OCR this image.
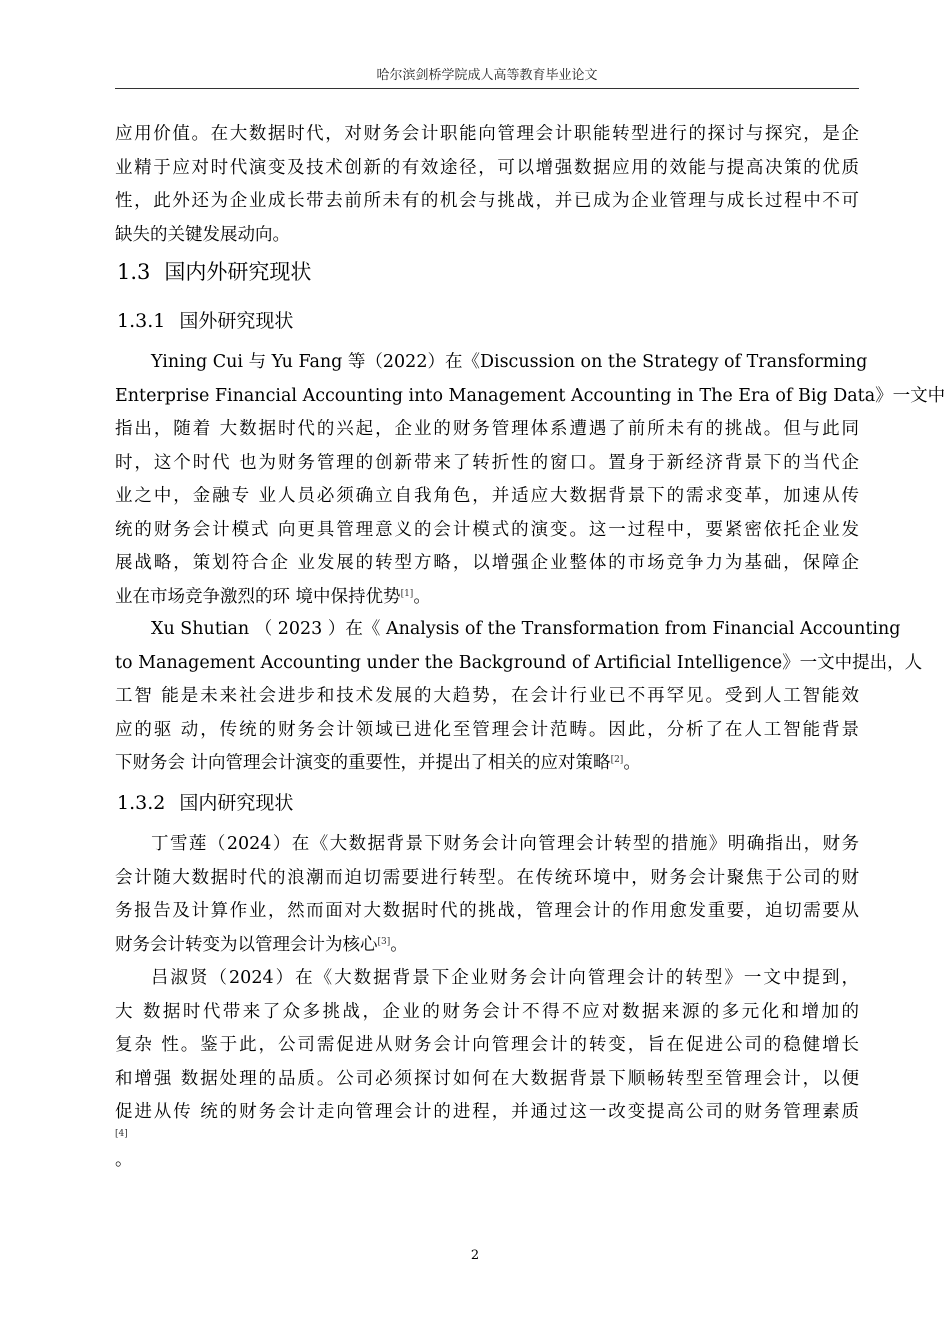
哈尔滨剑桥学院成人高等教育毕业论文
应用价值。在大数据时代，对财务会计职能向管理会计职能转型进行的探讨与探究，是企
业精于应对时代演变及技术创新的有效途径，可以增强数据应用的效能与提高决策的优质
性，此外还为企业成长带去前所未有的机会与挑战，并已成为企业管理与成长过程中不可
缺失的关键发展动向。
1.3 国内外研究现状
1.3.1 国外研究现状
Yining Cui 与 Yu Fang 等（2022）在《Discussion on the Strategy of Transforming
Enterprise Financial Accounting into Management Accounting in The Era of Big Data》一文中
指出，随着 大数据时代的兴起，企业的财务管理体系遭遇了前所未有的挑战。但与此同
时，这个时代 也为财务管理的创新带来了转折性的窗口。置身于新经济背景下的当代企
业之中，金融专 业人员必须确立自我角色，并适应大数据背景下的需求变革，加速从传
统的财务会计模式 向更具管理意义的会计模式的演变。这一过程中，要紧密依托企业发
展战略，策划符合企 业发展的转型方略，以增强企业整体的市场竞争力为基础，保障企
业在市场竞争激烈的环 境中保持优势[1]。
Xu Shutian （ 2023 ）在《 Analysis of the Transformation from Financial Accounting
to Management Accounting under the Background of Artificial Intelligence》一文中提出，人
工智 能是未来社会进步和技术发展的大趋势，在会计行业已不再罕见。受到人工智能效
应的驱 动，传统的财务会计领域已进化至管理会计范畴。因此，分析了在人工智能背景
下财务会 计向管理会计演变的重要性，并提出了相关的应对策略[2]。
1.3.2 国内研究现状
丁雪莲（2024）在《大数据背景下财务会计向管理会计转型的措施》明确指出，财务
会计随大数据时代的浪潮而迫切需要进行转型。在传统环境中，财务会计聚焦于公司的财
务报告及计算作业，然而面对大数据时代的挑战，管理会计的作用愈发重要，迫切需要从
财务会计转变为以管理会计为核心[3]。
吕淑贤（2024）在《大数据背景下企业财务会计向管理会计的转型》一文中提到，
大 数据时代带来了众多挑战，企业的财务会计不得不应对数据来源的多元化和增加的
复杂 性。鉴于此，公司需促进从财务会计向管理会计的转变，旨在促进公司的稳健增长
和增强 数据处理的品质。公司必须探讨如何在大数据背景下顺畅转型至管理会计，以便
促进从传 统的财务会计走向管理会计的进程，并通过这一改变提高公司的财务管理素质
[4]
。
2
